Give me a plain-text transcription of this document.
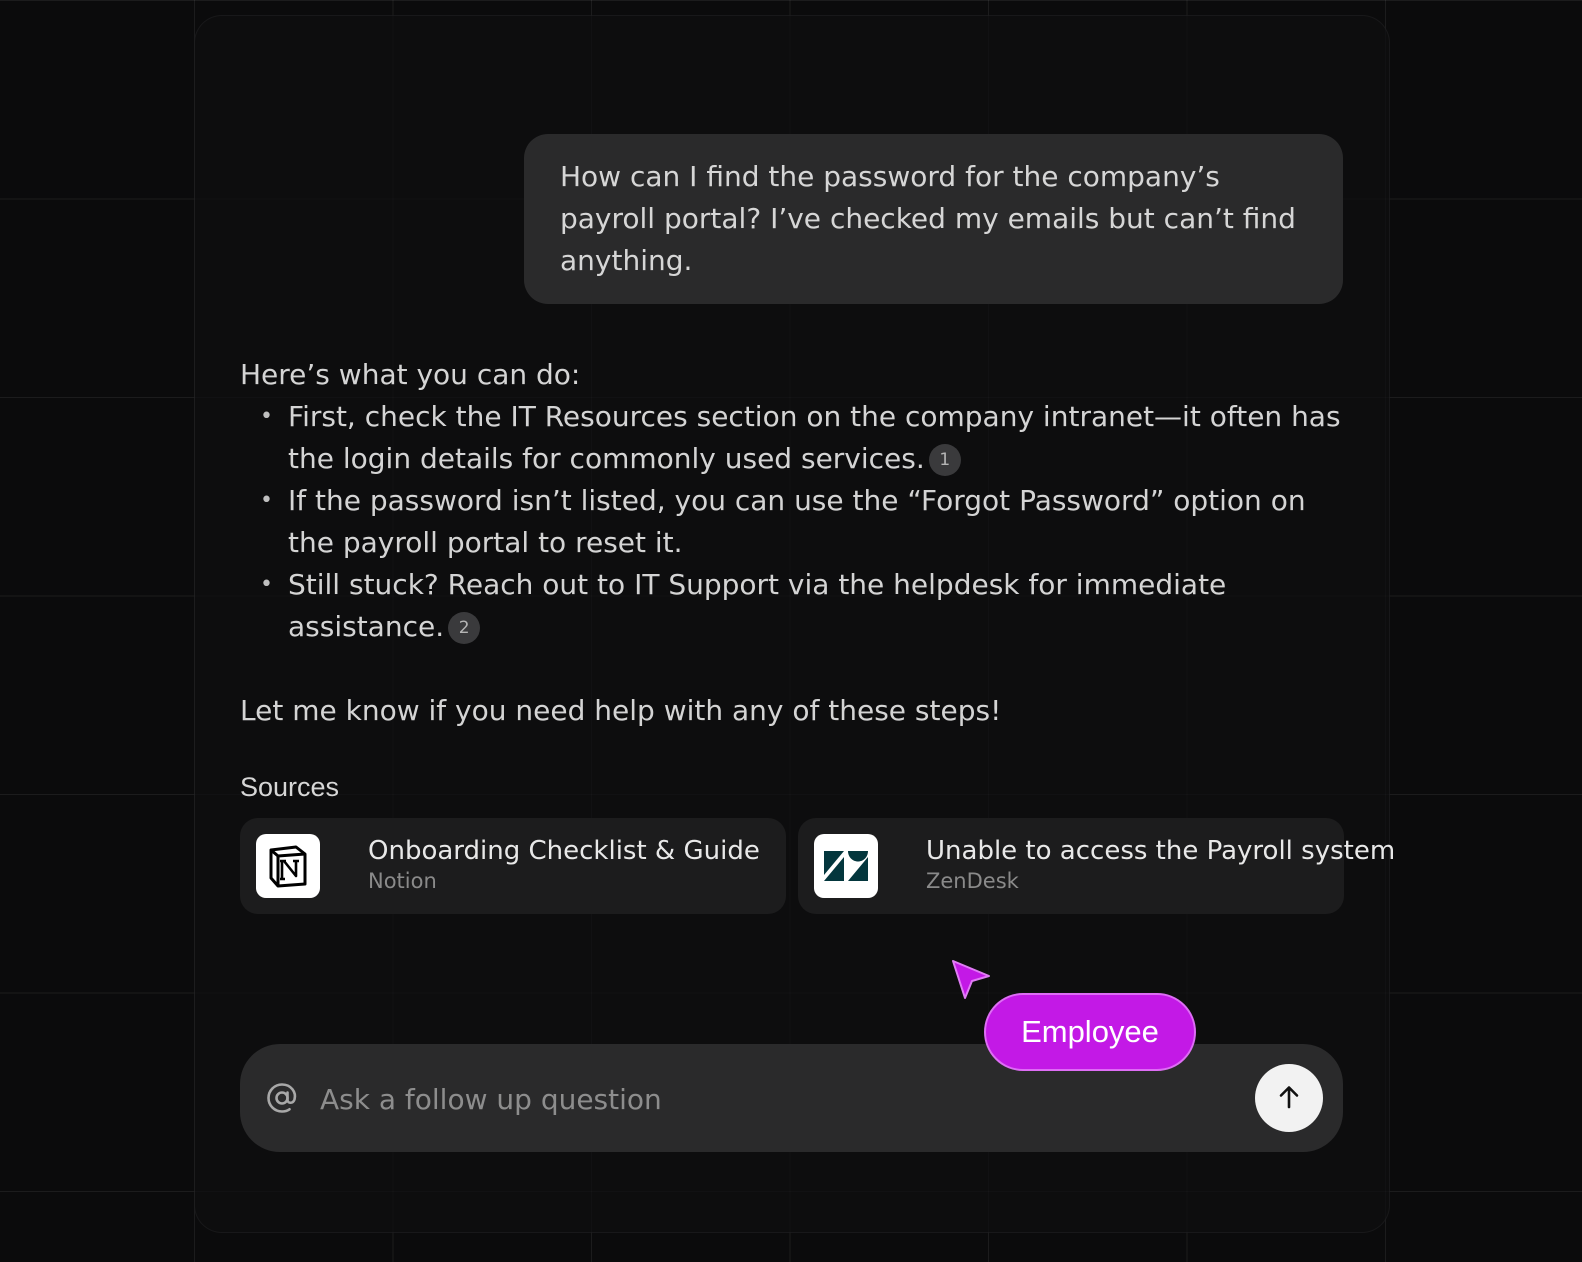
How can I find the password for the company’s payroll portal? I’ve checked my emails but can’t find anything.

Here’s what you can do:

• First, check the IT Resources section on the company intranet—it often has the login details for commonly used services. 1
• If the password isn’t listed, you can use the “Forgot Password” option on the payroll portal to reset it.
• Still stuck? Reach out to IT Support via the helpdesk for immediate assistance. 2
Let me know if you need help with any of these steps!
Sources
Onboarding Checklist & Guide
Notion
Unable to access the Payroll system
ZenDesk
Employee
Ask a follow up question
